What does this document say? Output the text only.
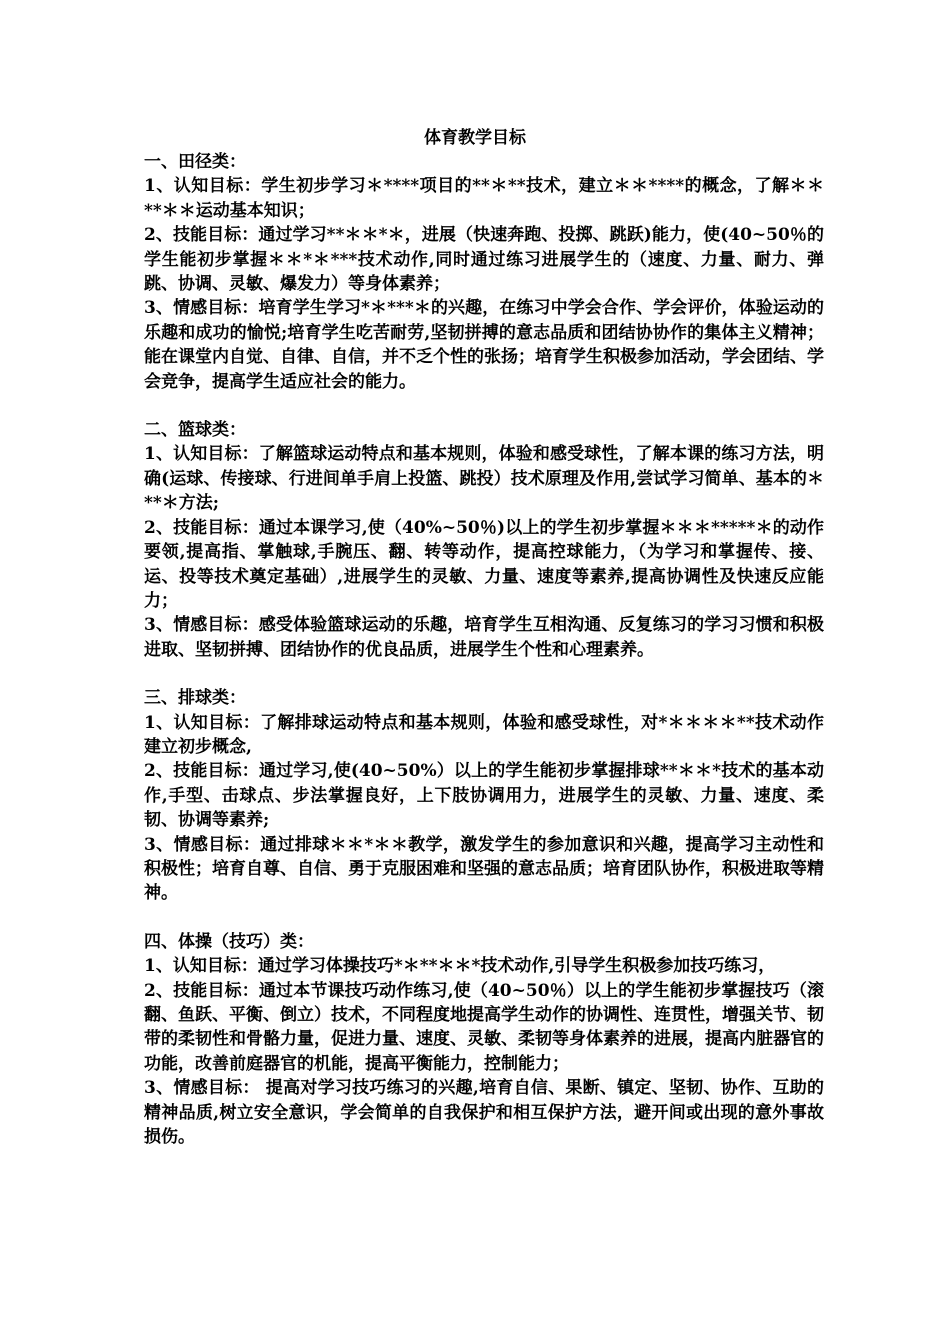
体育教学目标

一、田径类：

1、认知目标：学生初步学习＊****项目的**＊**技术，建立＊＊****的概念，了解＊＊**＊＊运动基本知识；

2、技能目标：通过学习**＊＊*＊，进展（快速奔跑、投掷、跳跃)能力，使(40~50％的学生能初步掌握＊＊*＊***技术动作,同时通过练习进展学生的（速度、力量、耐力、弹跳、协调、灵敏、爆发力）等身体素养；

3、情感目标：培育学生学习*＊***＊的兴趣，在练习中学会合作、学会评价，体验运动的乐趣和成功的愉悦;培育学生吃苦耐劳,坚韧拼搏的意志品质和团结协协作的集体主义精神；能在课堂内自觉、自律、自信，并不乏个性的张扬；培育学生积极参加活动，学会团结、学会竞争，提高学生适应社会的能力。

二、篮球类：

1、认知目标：了解篮球运动特点和基本规则，体验和感受球性，了解本课的练习方法，明确(运球、传接球、行进间单手肩上投篮、跳投）技术原理及作用,尝试学习简单、基本的＊**＊方法;

2、技能目标：通过本课学习,使（40%~50％)以上的学生初步掌握＊＊＊*****＊的动作要领,提高指、掌触球,手腕压、翻、转等动作，提高控球能力，（为学习和掌握传、接、运、投等技术奠定基础）,进展学生的灵敏、力量、速度等素养,提高协调性及快速反应能力；

3、情感目标：感受体验篮球运动的乐趣，培育学生互相沟通、反复练习的学习习惯和积极进取、坚韧拼搏、团结协作的优良品质，进展学生个性和心理素养。

三、排球类：

1、认知目标：了解排球运动特点和基本规则，体验和感受球性，对*＊＊＊＊**技术动作建立初步概念,

2、技能目标：通过学习,使(40~50%）以上的学生能初步掌握排球**＊＊*技术的基本动作,手型、击球点、步法掌握良好，上下肢协调用力，进展学生的灵敏、力量、速度、柔韧、协调等素养;

3、情感目标：通过排球＊＊*＊＊教学，激发学生的参加意识和兴趣，提高学习主动性和积极性；培育自尊、自信、勇于克服困难和坚强的意志品质；培育团队协作，积极进取等精神。

四、体操（技巧）类：

1、认知目标：通过学习体操技巧*＊**＊＊*技术动作,引导学生积极参加技巧练习，

2、技能目标：通过本节课技巧动作练习,使（40~50％）以上的学生能初步掌握技巧（滚翻、鱼跃、平衡、倒立）技术，不同程度地提高学生动作的协调性、连贯性，增强关节、韧带的柔韧性和骨骼力量，促进力量、速度、灵敏、柔韧等身体素养的进展，提高内脏器官的功能，改善前庭器官的机能，提高平衡能力，控制能力；

3、情感目标： 提高对学习技巧练习的兴趣,培育自信、果断、镇定、坚韧、协作、互助的精神品质,树立安全意识，学会简单的自我保护和相互保护方法，避开间或出现的意外事故损伤。
